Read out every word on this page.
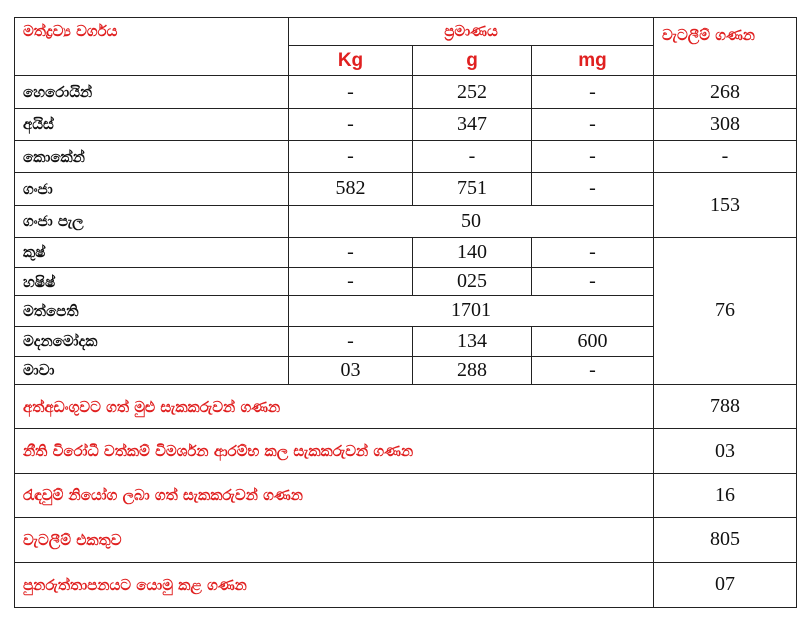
මත්ද්‍රව්‍ය වර්ගය	ප්‍රමාණය			වැටලීම් ගණන
	Kg	g	mg	
හෙරොයින්	-	252	-	268
අයිස්	-	347	-	308
කොකේන්	-	-	-	-
ගංජා	582	751	-	153
ගංජා පැල	50			
කුෂ්	-	140	-	76
හෂිෂ්	-	025	-	
මත්පෙති	1701			
මදනමෝදක	-	134	600	
මාවා	03	288	-	
අත්අඩංගුවට ගත් මුළු සැකකරුවන් ගණන				788
නීති විරෝධී වත්කම් විමර්ශන ආරම්භ කල සැකකරුවන් ගණන				03
රැඳවුම් නියෝග ලබා ගත් සැකකරුවන් ගණන				16
වැටලීම් එකතුව				805
පුනරුත්තාපනයට යොමු කළ ගණන				07
